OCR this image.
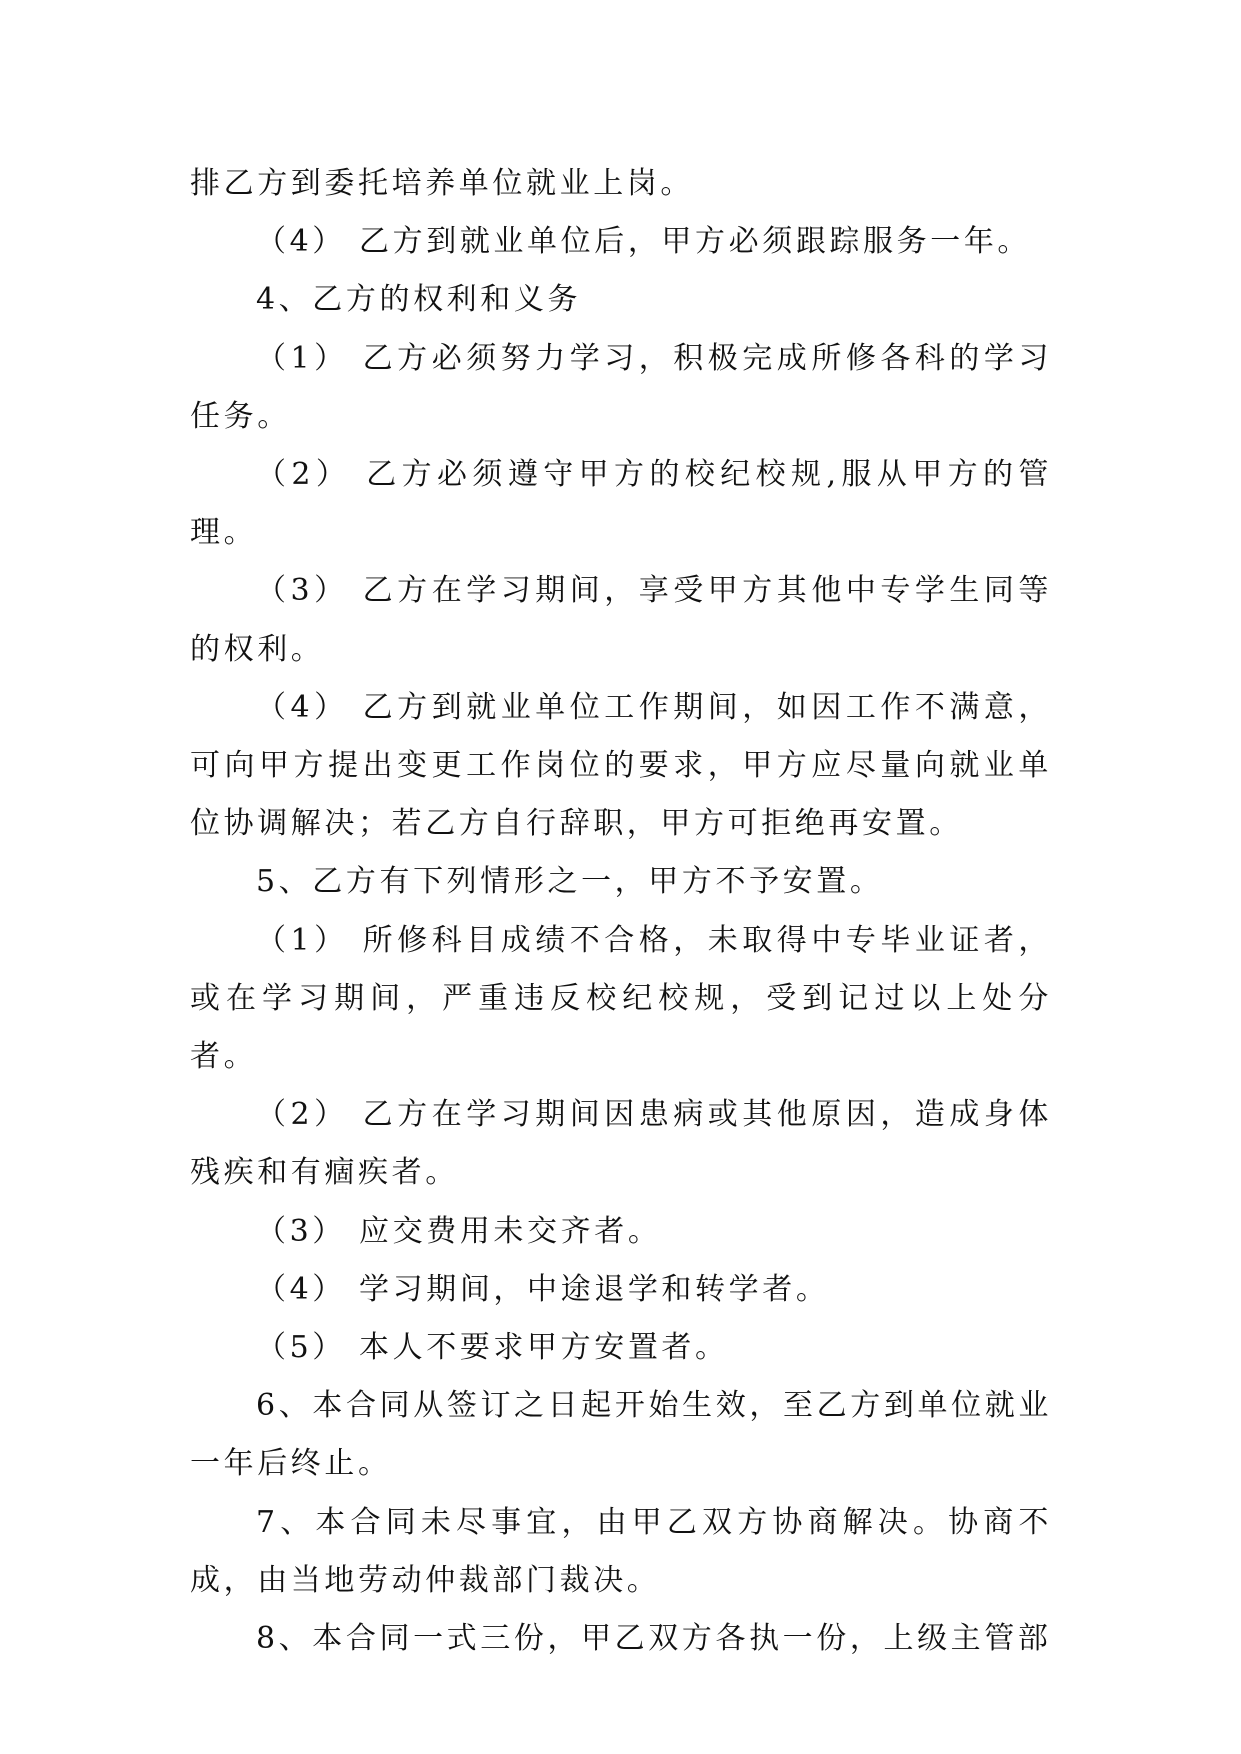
排乙方到委托培养单位就业上岗。

（4） 乙方到就业单位后，甲方必须跟踪服务一年。

4、乙方的权利和义务

（1） 乙方必须努力学习，积极完成所修各科的学习任务。

（2） 乙方必须遵守甲方的校纪校规,服从甲方的管理。

（3） 乙方在学习期间，享受甲方其他中专学生同等的权利。

（4） 乙方到就业单位工作期间，如因工作不满意，可向甲方提出变更工作岗位的要求，甲方应尽量向就业单位协调解决；若乙方自行辞职，甲方可拒绝再安置。

5、乙方有下列情形之一，甲方不予安置。

（1） 所修科目成绩不合格，未取得中专毕业证者，或在学习期间，严重违反校纪校规，受到记过以上处分者。

（2） 乙方在学习期间因患病或其他原因，造成身体残疾和有痼疾者。

（3） 应交费用未交齐者。

（4） 学习期间，中途退学和转学者。

（5） 本人不要求甲方安置者。

6、本合同从签订之日起开始生效，至乙方到单位就业一年后终止。

7、本合同未尽事宜，由甲乙双方协商解决。协商不成，由当地劳动仲裁部门裁决。

8、本合同一式三份，甲乙双方各执一份，上级主管部
